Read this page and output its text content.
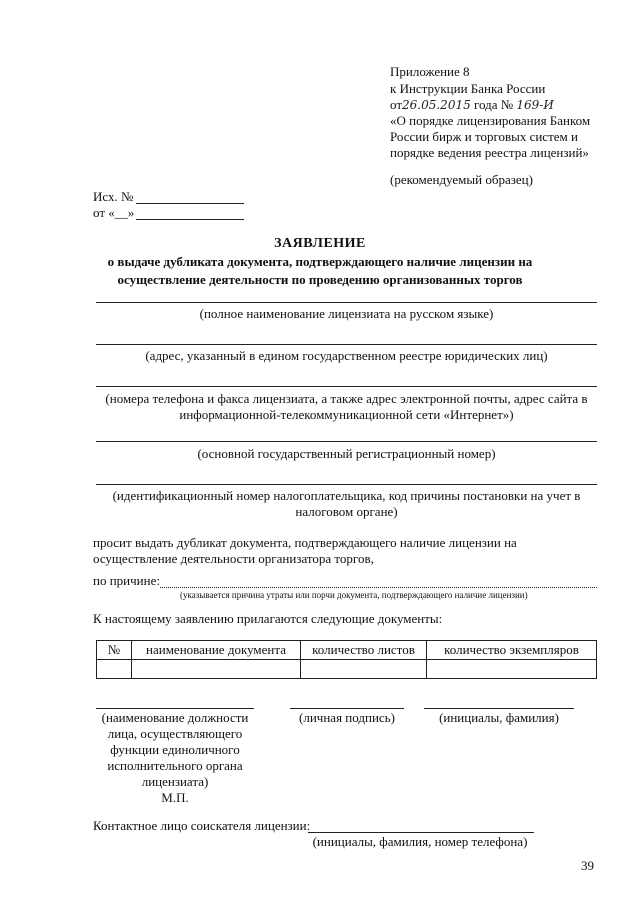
Приложение 8
к Инструкции Банка России
от26.05.2015 года № 169-И
«О порядке лицензирования Банком
России бирж и торговых систем и
порядке ведения реестра лицензий»
(рекомендуемый образец)
Исх. №
от «__»
ЗАЯВЛЕНИЕ
о выдаче дубликата документа, подтверждающего наличие лицензии на
осуществление деятельности по проведению организованных торгов
(полное наименование лицензиата на русском языке)
(адрес, указанный в едином государственном реестре юридических лиц)
(номера телефона и факса лицензиата, а также адрес электронной почты, адрес сайта в
информационной-телекоммуникационной сети «Интернет»)
(основной государственный регистрационный номер)
(идентификационный номер налогоплательщика, код причины постановки на учет в
налоговом органе)
просит выдать дубликат документа, подтверждающего наличие лицензии на
осуществление деятельности организатора торгов,
по причине:
(указывается причина утраты или порчи документа, подтверждающего наличие лицензии)
К настоящему заявлению прилагаются следующие документы:
№	наименование документа	количество листов	количество экземпляров

(наименование должности
лица, осуществляющего
функции единоличного
исполнительного органа
лицензиата)
М.П.
(личная подпись)	(инициалы, фамилия)
Контактное лицо соискателя лицензии:
(инициалы, фамилия, номер телефона)
39
